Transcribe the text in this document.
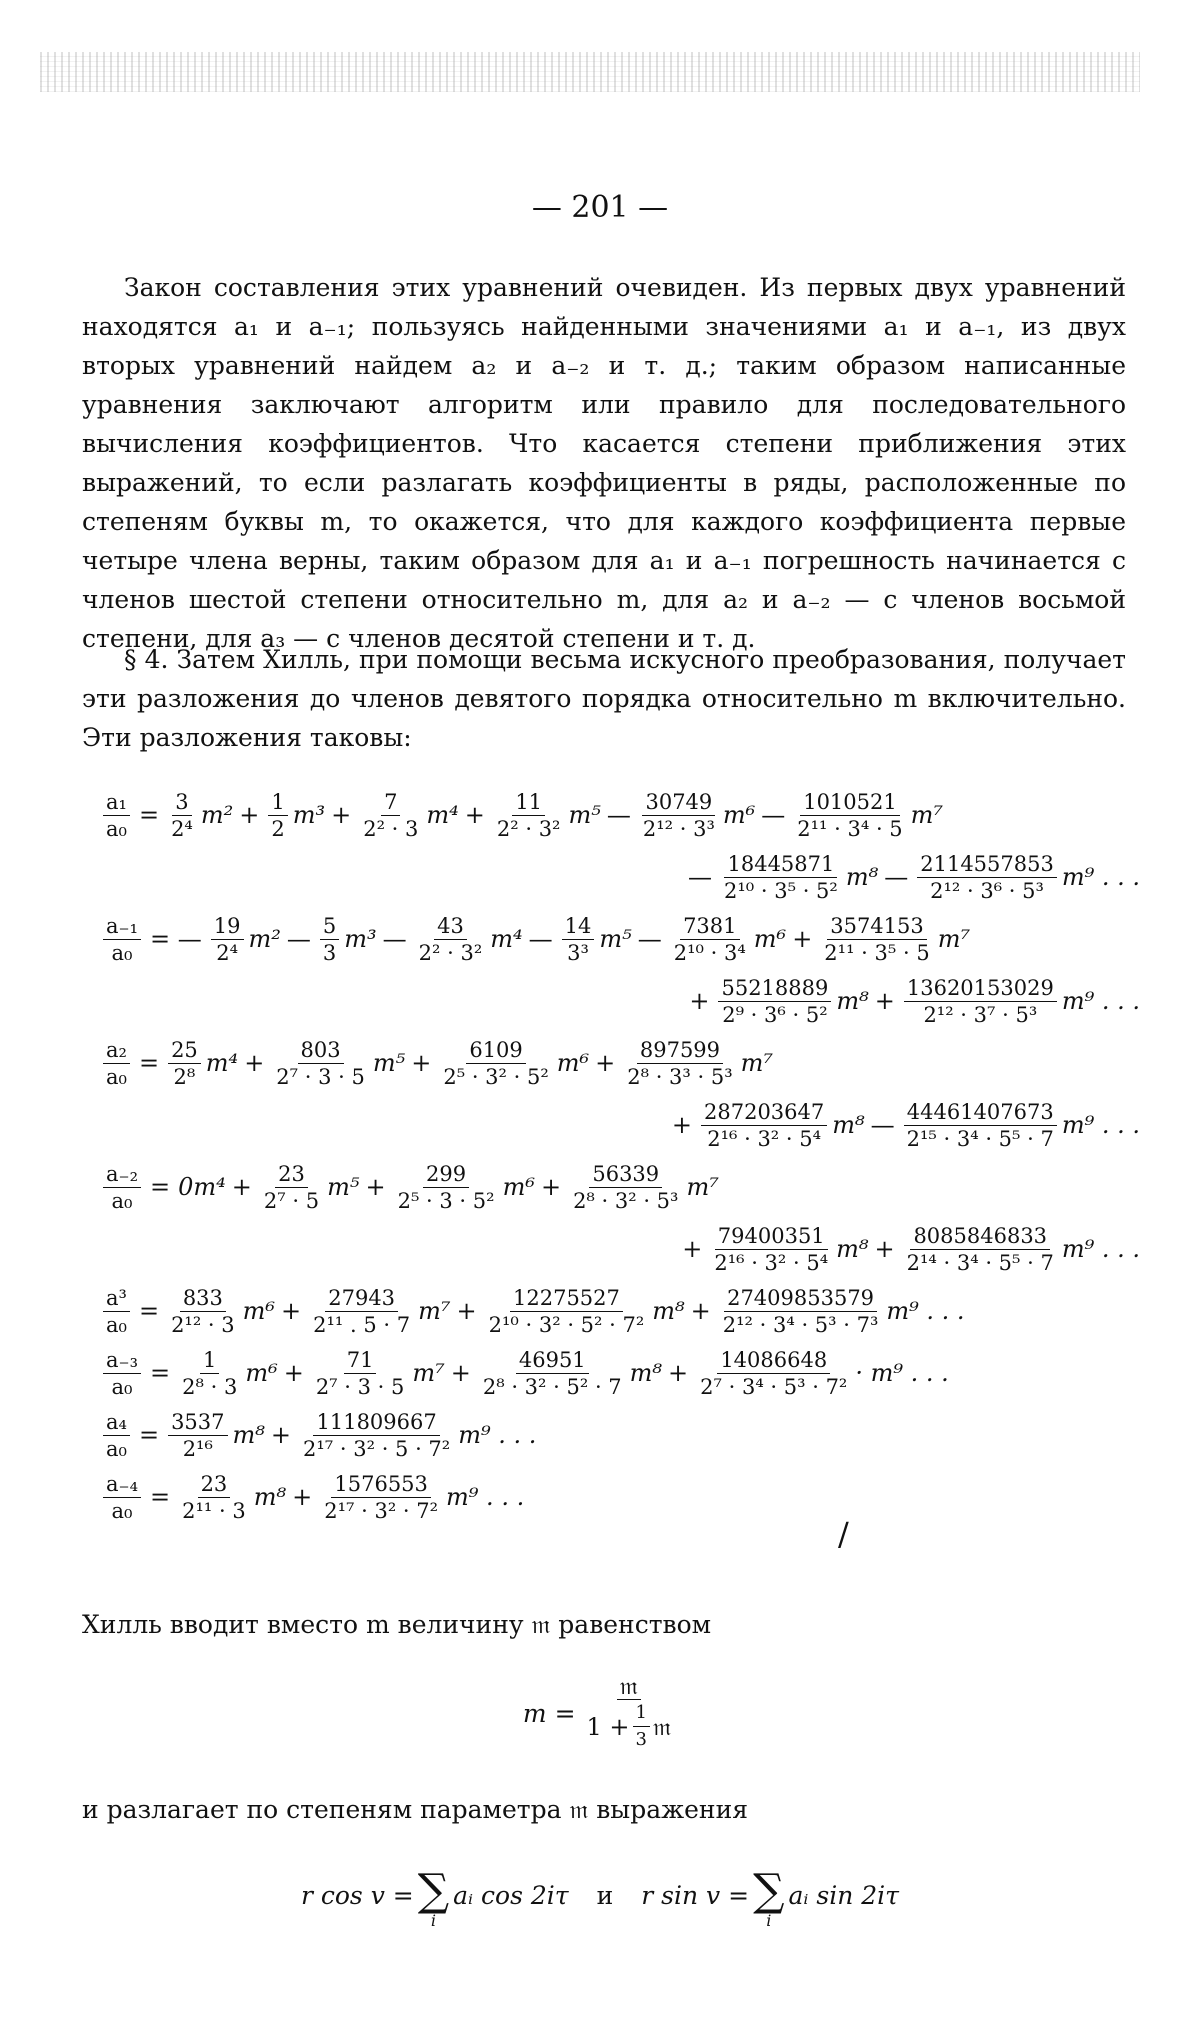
— 201 —

Закон составления этих уравнений очевиден. Из первых двух уравнений находятся a₁ и a₋₁; пользуясь найденными значениями a₁ и a₋₁, из двух вторых уравнений найдем a₂ и a₋₂ и т. д.; таким образом написанные уравнения заключают алгоритм или правило для последовательного вычисления коэффициентов. Что касается степени приближения этих выражений, то если разлагать коэффициенты в ряды, расположенные по степеням буквы m, то окажется, что для каждого коэффициента первые четыре члена верны, таким образом для a₁ и a₋₁ погрешность начинается с членов шестой степени относительно m, для a₂ и a₋₂ — с членов восьмой степени, для a₃ — с членов десятой степени и т. д.

§ 4. Затем Хилль, при помощи весьма искусного преобразования, получает эти разложения до членов девятого порядка относительно m включительно. Эти разложения таковы:

$\frac{\text{a₁}}{\text{a₀}} = \frac{3}{\text{2⁴}} m^2 + \frac{1}{2} m^3 + \frac{7}{\text{2² · 3}} m^4 + \frac{11}{\text{2² · 3²}} m^5$ — $\frac{30749}{\text{2¹² · 3³}} m^6$ — $\frac{1010521}{\text{2¹¹ · 3⁴ · 5}} m^7$
— $\frac{18445871}{\text{2¹⁰ · 3⁵ · 5²}} m^8$ — $\frac{2114557853}{\text{2¹² · 3⁶ · 5³}} m^9$ . . .
$\frac{\text{a₋₁}}{\text{a₀}}$ = — $\frac{19}{\text{2⁴}} m^2$ — $\frac{5}{3} m^3$ — $\frac{43}{\text{2² · 3²}} m^4$ — $\frac{14}{\text{3³}} m^5$ — $\frac{7381}{\text{2¹⁰ · 3⁴}} m^6 + \frac{3574153}{\text{2¹¹ · 3⁵ · 5}} m^7$
+ $\frac{55218889}{\text{2⁹ · 3⁶ · 5²}} m^8 + \frac{13620153029}{\text{2¹² · 3⁷ · 5³}} m^9$ . . .
$\frac{\text{a₂}}{\text{a₀}} = \frac{25}{\text{2⁸}} m^4 + \frac{803}{\text{2⁷ · 3 · 5}} m^5 + \frac{6109}{\text{2⁵ · 3² · 5²}} m^6 + \frac{897599}{\text{2⁸ · 3³ · 5³}} m^7$
+ $\frac{287203647}{\text{2¹⁶ · 3² · 5⁴}} m^8$ — $\frac{44461407673}{\text{2¹⁵ · 3⁴ · 5⁵ · 7}} m^9$ . . .
$\frac{\text{a₋₂}}{\text{a₀}} = 0m^4 + \frac{23}{\text{2⁷ · 5}} m^5 + \frac{299}{\text{2⁵ · 3 · 5²}} m^6 + \frac{56339}{\text{2⁸ · 3² · 5³}} m^7$
+ $\frac{79400351}{\text{2¹⁶ · 3² · 5⁴}} m^8 + \frac{8085846833}{\text{2¹⁴ · 3⁴ · 5⁵ · 7}} m^9$ . . .
$\frac{\text{a³}}{\text{a₀}} = \frac{833}{\text{2¹² · 3}} m^6 + \frac{27943}{\text{2¹¹ . 5 · 7}} m^7 + \frac{12275527}{\text{2¹⁰ · 3² · 5² · 7²}} m^8 + \frac{27409853579}{\text{2¹² · 3⁴ · 5³ · 7³}} m^9$ . . .
$\frac{\text{a₋₃}}{\text{a₀}} = \frac{1}{\text{2⁸ · 3}} m^6 + \frac{71}{\text{2⁷ · 3 · 5}} m^7 + \frac{46951}{\text{2⁸ · 3² · 5² · 7}} m^8 + \frac{14086648}{\text{2⁷ · 3⁴ · 5³ · 7²}} \cdot m^9$ . . .
$\frac{\text{a₄}}{\text{a₀}} = \frac{3537}{\text{2¹⁶}} m^8 + \frac{111809667}{\text{2¹⁷ · 3² · 5 · 7²}} m^9$ . . .
$\frac{\text{a₋₄}}{\text{a₀}} = \frac{23}{\text{2¹¹ · 3}} m^8 + \frac{1576553}{\text{2¹⁷ · 3² · 7²}} m^9$ . . .

Хилль вводит вместо m величину 𝔪 равенством

$m = \frac{\text{𝔪}}{1 + \frac{1}{3} 𝔪}$

и разлагает по степеням параметра 𝔪 выражения

r cos v = ∑
i
aᵢ cos 2iτ и r sin v = ∑
i
aᵢ sin 2iτ
/
